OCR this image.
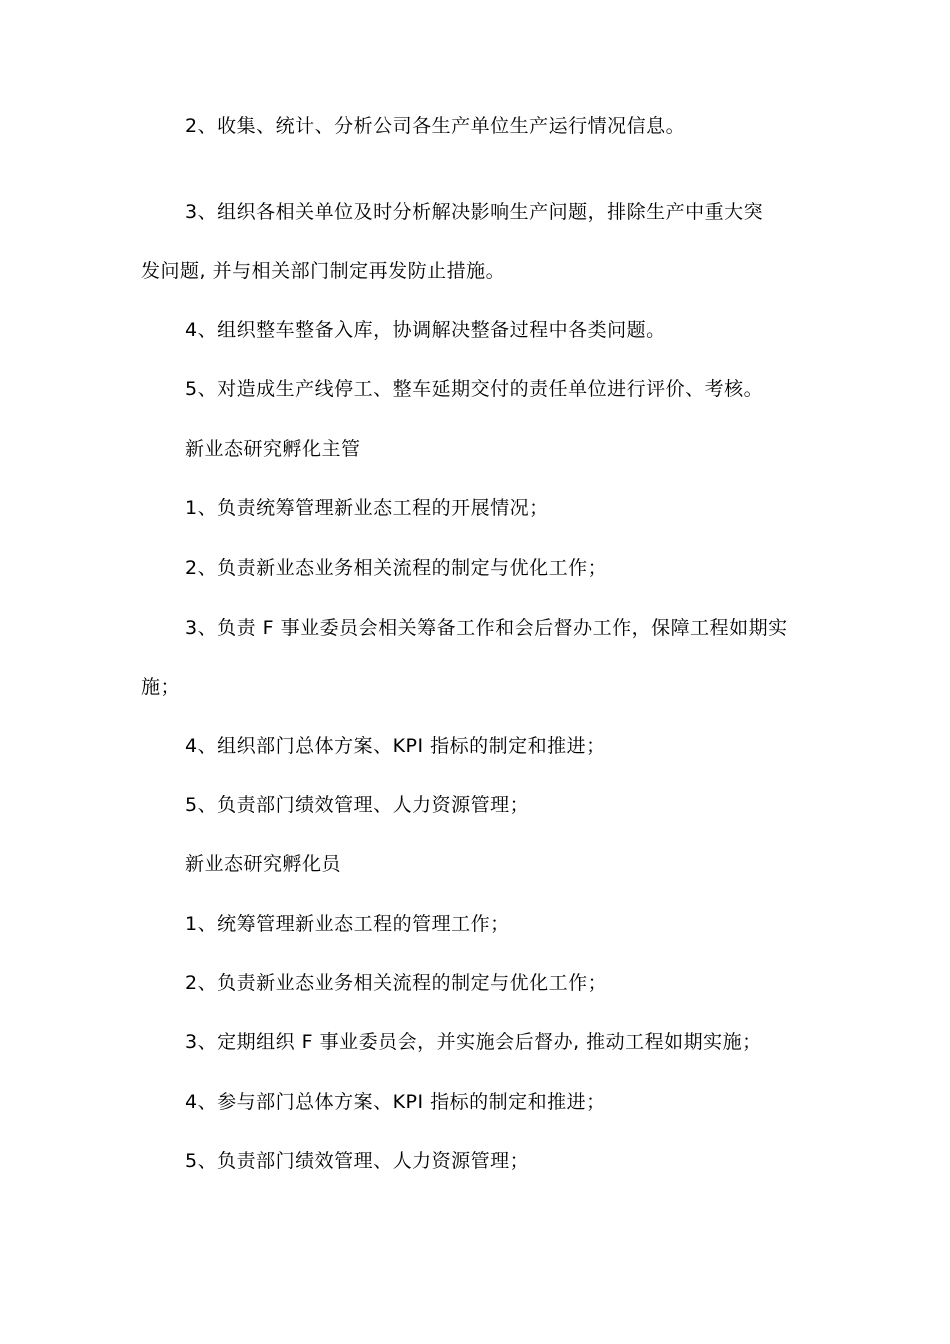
2、收集、统计、分析公司各生产单位生产运行情况信息。
3、组织各相关单位及时分析解决影响生产问题，排除生产中重大突
发问题, 并与相关部门制定再发防止措施。
4、组织整车整备入库，协调解决整备过程中各类问题。
5、对造成生产线停工、整车延期交付的责任单位进行评价、考核。
新业态研究孵化主管
1、负责统筹管理新业态工程的开展情况；
2、负责新业态业务相关流程的制定与优化工作；
3、负责 F 事业委员会相关筹备工作和会后督办工作，保障工程如期实
施；
4、组织部门总体方案、KPI 指标的制定和推进；
5、负责部门绩效管理、人力资源管理；
新业态研究孵化员
1、统筹管理新业态工程的管理工作；
2、负责新业态业务相关流程的制定与优化工作；
3、定期组织 F 事业委员会，并实施会后督办, 推动工程如期实施；
4、参与部门总体方案、KPI 指标的制定和推进；
5、负责部门绩效管理、人力资源管理；
